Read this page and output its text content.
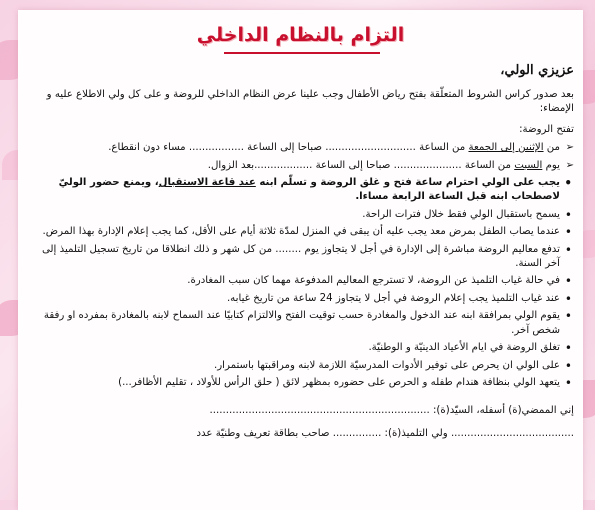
التزام بالنظام الداخلي

عزيزي الولي،

بعد صدور كراس الشروط المتعلّقة بفتح رياض الأطفال وجب علينا عرض النظام الداخلي للروضة و على كل ولي الاطلاع عليه و الإمضاء:

تفتح الروضة:

➢ من الإثنين إلى الجمعة من الساعة ............................ صباحا إلى الساعة ................. مساء دون انقطاع.
➢ يوم السبت من الساعة ..................... صباحا إلى الساعة ..................بعد الزوال.
• يجب على الولي احترام ساعة فتح و غلق الروضة و تسلّم ابنه عند قاعة الاستقبال، ويمنع حضور الوليّ لاصطحاب ابنه قبل الساعة الرابعة مساءا.
• يسمح باستقبال الولي فقط خلال فترات الراحة.
• عندما يصاب الطفل بمرض معد يجب عليه أن يبقى في المنزل لمدّة ثلاثة أيام على الأقل، كما يجب إعلام الإدارة بهذا المرض.
• تدفع معاليم الروضة مباشرة إلى الإدارة في أجل لا يتجاوز يوم ........ من كل شهر و ذلك انطلاقا من تاريخ تسجيل التلميذ إلى آخر السنة.
• في حالة غياب التلميذ عن الروضة، لا تسترجع المعاليم المدفوعة مهما كان سبب المغادرة.
• عند غياب التلميذ يجب إعلام الروضة في أجل لا يتجاوز 24 ساعة من تاريخ غيابه.
• يقوم الولي بمرافقة ابنه عند الدخول والمغادرة حسب توقيت الفتح والالتزام كتابيًا عند السماح لابنه بالمغادرة بمفرده او رفقة شخص آخر.
• تغلق الروضة في ايام الأعياد الدينيّة و الوطنيّة.
• على الولي ان يحرص على توفير الأدوات المدرسيّة اللازمة لابنه ومراقبتها باستمرار.
• يتعهد الولي بنظافة هندام طفله و الحرص على حضوره بمظهر لائق ( حلق الرأس للأولاد ، تقليم الأظافر...)

إني الممضي(ة) أسفله، السيّد(ة): ....................................................................

...................................... ولي التلميذ(ة): ............... صاحب بطاقة تعريف وطنيّة عدد
